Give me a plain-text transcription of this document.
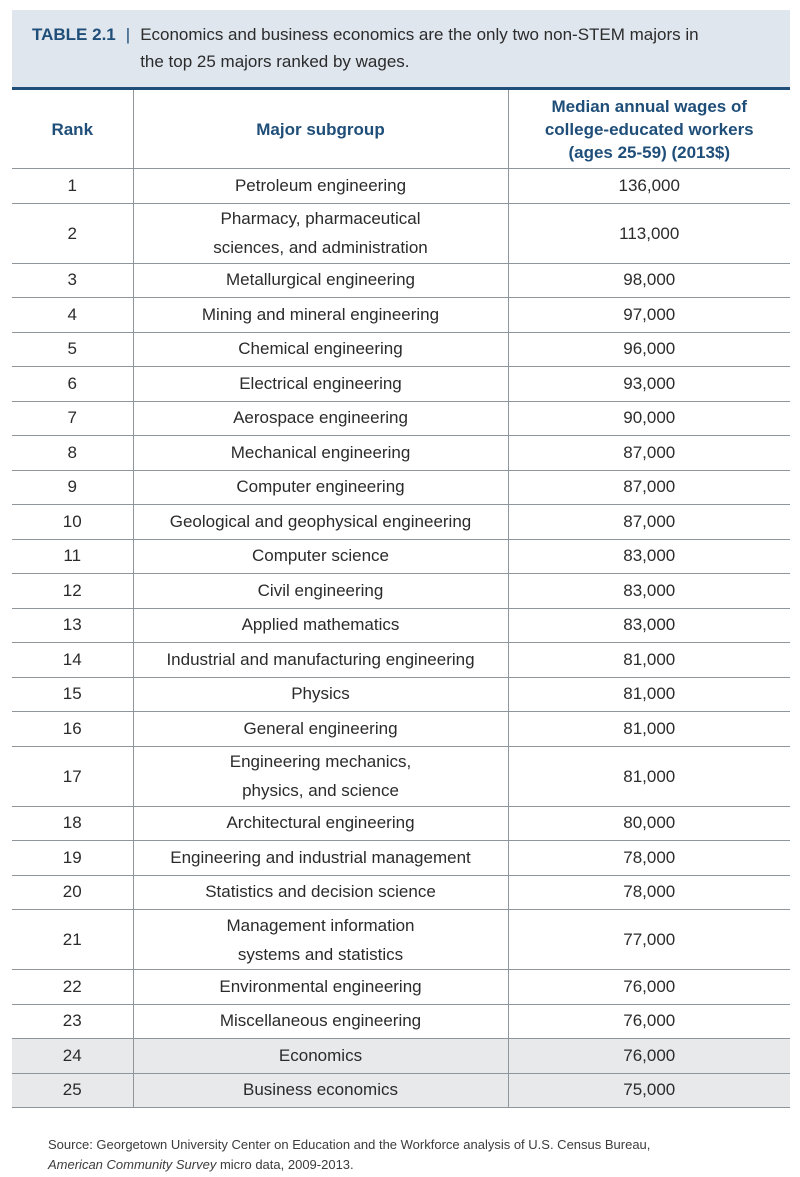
TABLE 2.1 | Economics and business economics are the only two non-STEM majors in
the top 25 majors ranked by wages.
Rank	Major subgroup	Median annual wages of
college-educated workers
(ages 25-59) (2013$)
1	Petroleum engineering	136,000
2	Pharmacy, pharmaceutical
sciences, and administration	113,000
3	Metallurgical engineering	98,000
4	Mining and mineral engineering	97,000
5	Chemical engineering	96,000
6	Electrical engineering	93,000
7	Aerospace engineering	90,000
8	Mechanical engineering	87,000
9	Computer engineering	87,000
10	Geological and geophysical engineering	87,000
11	Computer science	83,000
12	Civil engineering	83,000
13	Applied mathematics	83,000
14	Industrial and manufacturing engineering	81,000
15	Physics	81,000
16	General engineering	81,000
17	Engineering mechanics,
physics, and science	81,000
18	Architectural engineering	80,000
19	Engineering and industrial management	78,000
20	Statistics and decision science	78,000
21	Management information
systems and statistics	77,000
22	Environmental engineering	76,000
23	Miscellaneous engineering	76,000
24	Economics	76,000
25	Business economics	75,000
Source: Georgetown University Center on Education and the Workforce analysis of U.S. Census Bureau,
American Community Survey micro data, 2009-2013.
